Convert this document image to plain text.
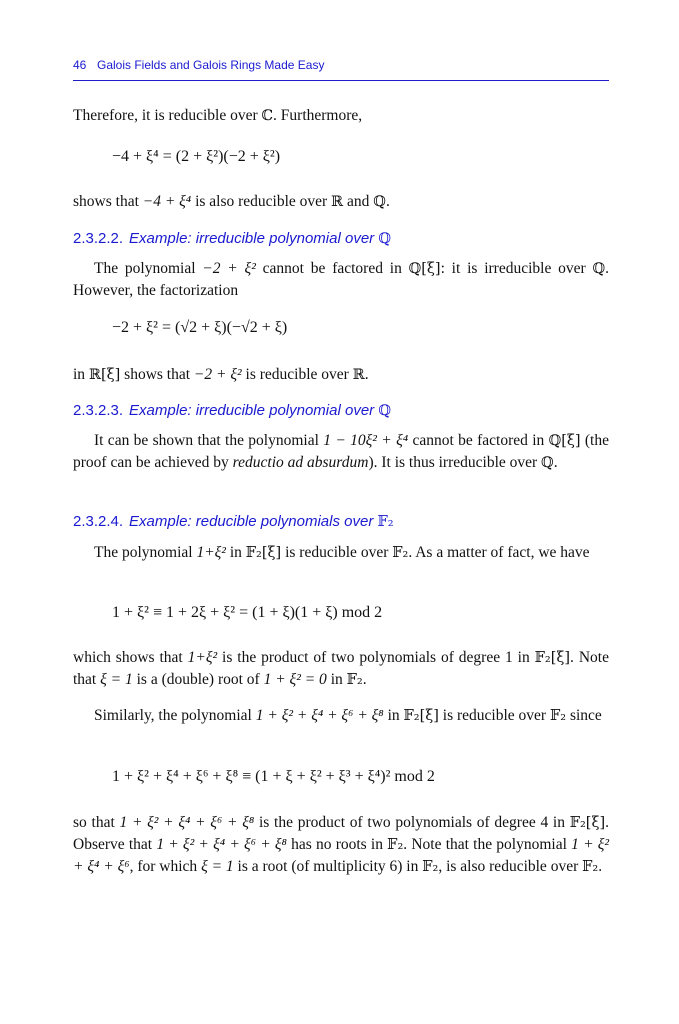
46 Galois Fields and Galois Rings Made Easy
Therefore, it is reducible over ℂ. Furthermore,
−4 + ξ⁴ = (2 + ξ²)(−2 + ξ²)
shows that −4 + ξ⁴ is also reducible over ℝ and ℚ.
2.3.2.2. Example: irreducible polynomial over ℚ
The polynomial −2 + ξ² cannot be factored in ℚ[ξ]: it is irreducible over ℚ. However, the factorization
−2 + ξ² = (√2 + ξ)(−√2 + ξ)
in ℝ[ξ] shows that −2 + ξ² is reducible over ℝ.
2.3.2.3. Example: irreducible polynomial over ℚ
It can be shown that the polynomial 1 − 10ξ² + ξ⁴ cannot be factored in ℚ[ξ] (the proof can be achieved by reductio ad absurdum). It is thus irreducible over ℚ.
2.3.2.4. Example: reducible polynomials over 𝔽₂
The polynomial 1+ξ² in 𝔽₂[ξ] is reducible over 𝔽₂. As a matter of fact, we have
1 + ξ² ≡ 1 + 2ξ + ξ² = (1 + ξ)(1 + ξ) mod 2
which shows that 1+ξ² is the product of two polynomials of degree 1 in 𝔽₂[ξ]. Note that ξ = 1 is a (double) root of 1 + ξ² = 0 in 𝔽₂.
Similarly, the polynomial 1 + ξ² + ξ⁴ + ξ⁶ + ξ⁸ in 𝔽₂[ξ] is reducible over 𝔽₂ since
1 + ξ² + ξ⁴ + ξ⁶ + ξ⁸ ≡ (1 + ξ + ξ² + ξ³ + ξ⁴)² mod 2
so that 1 + ξ² + ξ⁴ + ξ⁶ + ξ⁸ is the product of two polynomials of degree 4 in 𝔽₂[ξ]. Observe that 1 + ξ² + ξ⁴ + ξ⁶ + ξ⁸ has no roots in 𝔽₂. Note that the polynomial 1 + ξ² + ξ⁴ + ξ⁶, for which ξ = 1 is a root (of multiplicity 6) in 𝔽₂, is also reducible over 𝔽₂.
